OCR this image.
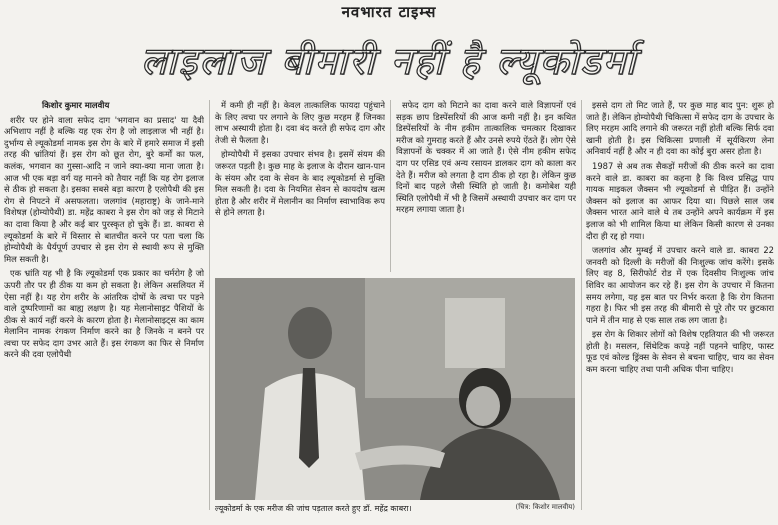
नवभारत टाइम्स
लाइलाज बीमारी नहीं है ल्यूकोडर्मा

किशोर कुमार मालवीय

शरीर पर होने वाला सफेद दाग 'भगवान का प्रसाद' या दैवी अभिशाप नहीं है बल्कि यह एक रोग है जो लाइलाज भी नहीं है। दुर्भाग्य से ल्यूकोडर्मा नामक इस रोग के बारे में हमारे समाज में इसी तरह की भ्रांतियां हैं। इस रोग को छूत रोग, बुरे कर्मों का फल, कलंक, भगवान का गुस्सा-आदि न जाने क्या-क्या माना जाता है। आज भी एक बड़ा वर्ग यह मानने को तैयार नहीं कि यह रोग इलाज से ठीक हो सकता है। इसका सबसे बड़ा कारण है एलोपैथी की इस रोग से निपटने में असफलता। जलगांव (महाराष्ट्र) के जाने-माने विशेषज्ञ (होम्योपैथी) डा. महेंद्र काबरा ने इस रोग को जड़ से मिटाने का दावा किया है और कई बार पुरस्कृत हो चुके हैं। डा. काबरा से ल्यूकोडर्मा के बारे में विस्तार से बातचीत करने पर पता चला कि होम्योपैथी के धैर्यपूर्ण उपचार से इस रोग से स्थायी रूप से मुक्ति मिल सकती है।

एक भ्रांति यह भी है कि ल्यूकोडर्मा एक प्रकार का चर्मरोग है जो ऊपरी तौर पर ही ठीक या कम हो सकता है। लेकिन असलियत में ऐसा नहीं है। यह रोग शरीर के आंतरिक दोषों के त्वचा पर पड़ने वाले दुष्परिणामों का बाह्य लक्षण है। यह मेलानोसाइट पैशियों के ठीक से कार्य नहीं करने के कारण होता है। मेलानोसाइट्स का काम मेलानिन नामक रंगकण निर्माण करने का है जिनके न बनने पर त्वचा पर सफेद दाग उभर आते हैं। इस रंगकण का फिर से निर्माण करने की दवा एलोपैथी

में कमी ही नहीं है। केवल तात्कालिक फायदा पहुंचाने के लिए त्वचा पर लगाने के लिए कुछ मरहम हैं जिनका लाभ अस्थायी होता है। दवा बंद करते ही सफेद दाग और तेजी से फैलता है।

होम्योपैथी में इसका उपचार संभव है। इसमें संयम की जरूरत पड़ती है। कुछ माह के इलाज के दौरान खान-पान के संयम और दवा के सेवन के बाद ल्यूकोडर्मा से मुक्ति मिल सकती है। दवा के नियमित सेवन से कायदोष खत्म होता है और शरीर में मेलानीन का निर्माण स्वाभाविक रूप से होने लगता है।

सफेद दाग को मिटाने का दावा करने वाले विज्ञापनों एवं सड़क छाप डिस्पेंसरियों की आज कमी नहीं है। इन कथित डिस्पेंसरियों के नीम हकीम तात्कालिक चमत्कार दिखाकर मरीज को गुमराह करते हैं और उनसे रुपये ऐंठते हैं। लोग ऐसे विज्ञापनों के चक्कर में आ जाते हैं। ऐसे नीम हकीम सफेद दाग पर एसिड एवं अन्य रसायन डालकर दाग को काला कर देते हैं। मरीज को लगता है दाग ठीक हो रहा है। लेकिन कुछ दिनों बाद पहले जैसी स्थिति हो जाती है। कमोबेश यही स्थिति एलोपैथी में भी है जिसमें अस्थायी उपचार कर दाग पर मरहम लगाया जाता है।

इससे दाग तो मिट जाते हैं, पर कुछ माह बाद पुन: शुरू हो जाते हैं। लेकिन होम्योपैथी चिकित्सा में सफेद दाग के उपचार के लिए मरहम आदि लगाने की जरूरत नहीं होती बल्कि सिर्फ दवा खानी होती है। इस चिकित्सा प्रणाली में सूर्यकिरण लेना अनिवार्य नहीं है और न ही दवा का कोई बुरा असर होता है।

1987 से अब तक सैकड़ों मरीजों की ठीक करने का दावा करने वाले डा. काबरा का कहना है कि विश्व प्रसिद्ध पाप गायक माइकल जैक्सन भी ल्यूकोडर्मा से पीड़ित हैं। उन्होंने जैक्सन को इलाज का आफर दिया था। पिछले साल जब जैक्सन भारत आने वाले थे तब उन्होंने अपने कार्यक्रम में इस इलाज को भी शामिल किया था लेकिन किसी कारण से उनका दौरा ही रद्द हो गया।

जलगांव और मुम्बई में उपचार करने वाले डा. काबरा 22 जनवरी को दिल्ली के मरीजों की निःशुल्क जांच करेंगे। इसके लिए वह 8, सिरीफोर्ट रोड में एक दिवसीय निःशुल्क जांच शिविर का आयोजन कर रहे हैं। इस रोग के उपचार में कितना समय लगेगा, यह इस बात पर निर्भर करता है कि रोग कितना गहरा है। फिर भी इस तरह की बीमारी से पूरे तौर पर छुटकारा पाने में तीन माह से एक साल तक लग जाता है।

इस रोग के शिकार लोगों को विशेष एहतियात की भी जरूरत होती है। मसलन, सिंथेटिक कपड़े नहीं पहनने चाहिए, फास्ट फूड एवं कोल्ड ड्रिंक्स के सेवन से बचना चाहिए, चाय का सेवन कम करना चाहिए तथा पानी अधिक पीना चाहिए।

ल्यूकोडर्मा के एक मरीज की जांच पड़ताल करते हुए डॉ. महेंद्र काबरा।	(चित्र: किशोर मालवीय)
